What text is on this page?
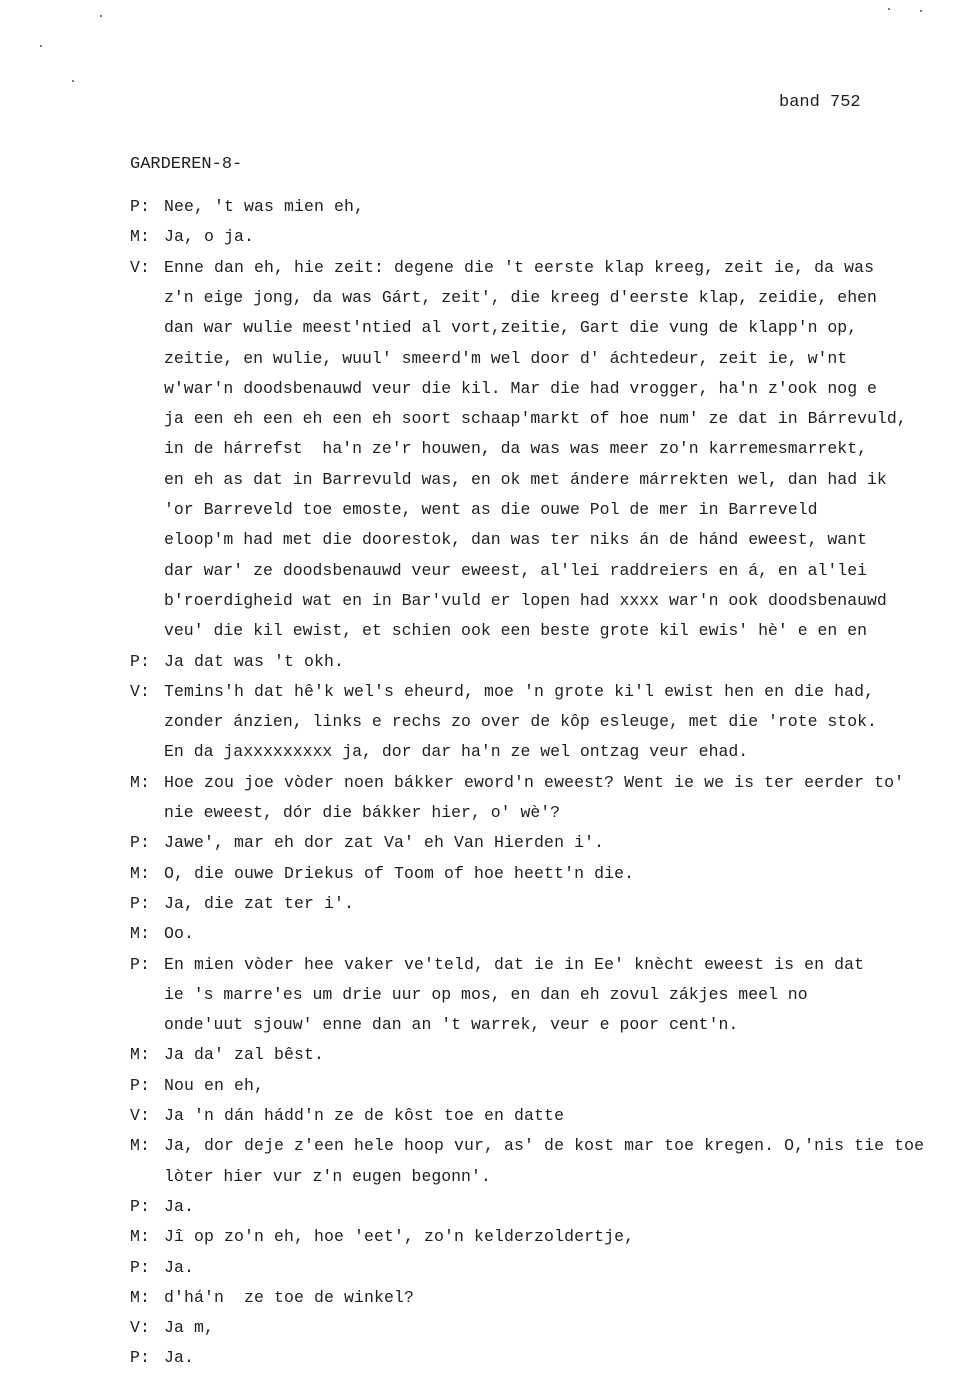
band 752
GARDEREN-8-
P: Nee, 't was mien eh,
M: Ja, o ja.
V: Enne dan eh, hie zeit: degene die 't eerste klap kreeg, zeit ie, da was
z'n eige jong, da was Gárt, zeit', die kreeg d'eerste klap, zeidie, ehen
dan war wulie meest'ntied al vort,zeitie, Gart die vung de klapp'n op,
zeitie, en wulie, wuul' smeerd'm wel door d' áchtedeur, zeit ie, w'nt
w'war'n doodsbenauwd veur die kil. Mar die had vrogger, ha'n z'ook nog e
ja een eh een eh een eh soort schaap'markt of hoe num' ze dat in Bárrevuld,
in de hárrefst  ha'n ze'r houwen, da was was meer zo'n karremesmarrekt,
en eh as dat in Barrevuld was, en ok met ándere márrekten wel, dan had ik
'or Barreveld toe emoste, went as die ouwe Pol de mer in Barreveld
eloop'm had met die doorestok, dan was ter niks án de hánd eweest, want
dar war' ze doodsbenauwd veur eweest, al'lei raddreiers en á, en al'lei
b'roerdigheid wat en in Bar'vuld er lopen had xxxx war'n ook doodsbenauwd
veu' die kil ewist, et schien ook een beste grote kil ewis' hè' e en en
P: Ja dat was 't okh.
V: Temins'h dat hê'k wel's eheurd, moe 'n grote ki'l ewist hen en die had,
zonder ánzien, links e rechs zo over de kôp esleuge, met die 'rote stok.
En da jaxxxxxxxxx ja, dor dar ha'n ze wel ontzag veur ehad.
M: Hoe zou joe vòder noen bákker eword'n eweest? Went ie we is ter eerder to'
nie eweest, dór die bákker hier, o' wè'?
P: Jawe', mar eh dor zat Va' eh Van Hierden i'.
M: O, die ouwe Driekus of Toom of hoe heett'n die.
P: Ja, die zat ter i'.
M: Oo.
P: En mien vòder hee vaker ve'teld, dat ie in Ee' knècht eweest is en dat
ie 's marre'es um drie uur op mos, en dan eh zovul zákjes meel no
onde'uut sjouw' enne dan an 't warrek, veur e poor cent'n.
M: Ja da' zal bêst.
P: Nou en eh,
V: Ja 'n dán hádd'n ze de kôst toe en datte
M: Ja, dor deje z'een hele hoop vur, as' de kost mar toe kregen. O,'nis tie toe
lòter hier vur z'n eugen begonn'.
P: Ja.
M: Jî op zo'n eh, hoe 'eet', zo'n kelderzoldertje,
P: Ja.
M: d'há'n  ze toe de winkel?
V: Ja m,
P: Ja.
